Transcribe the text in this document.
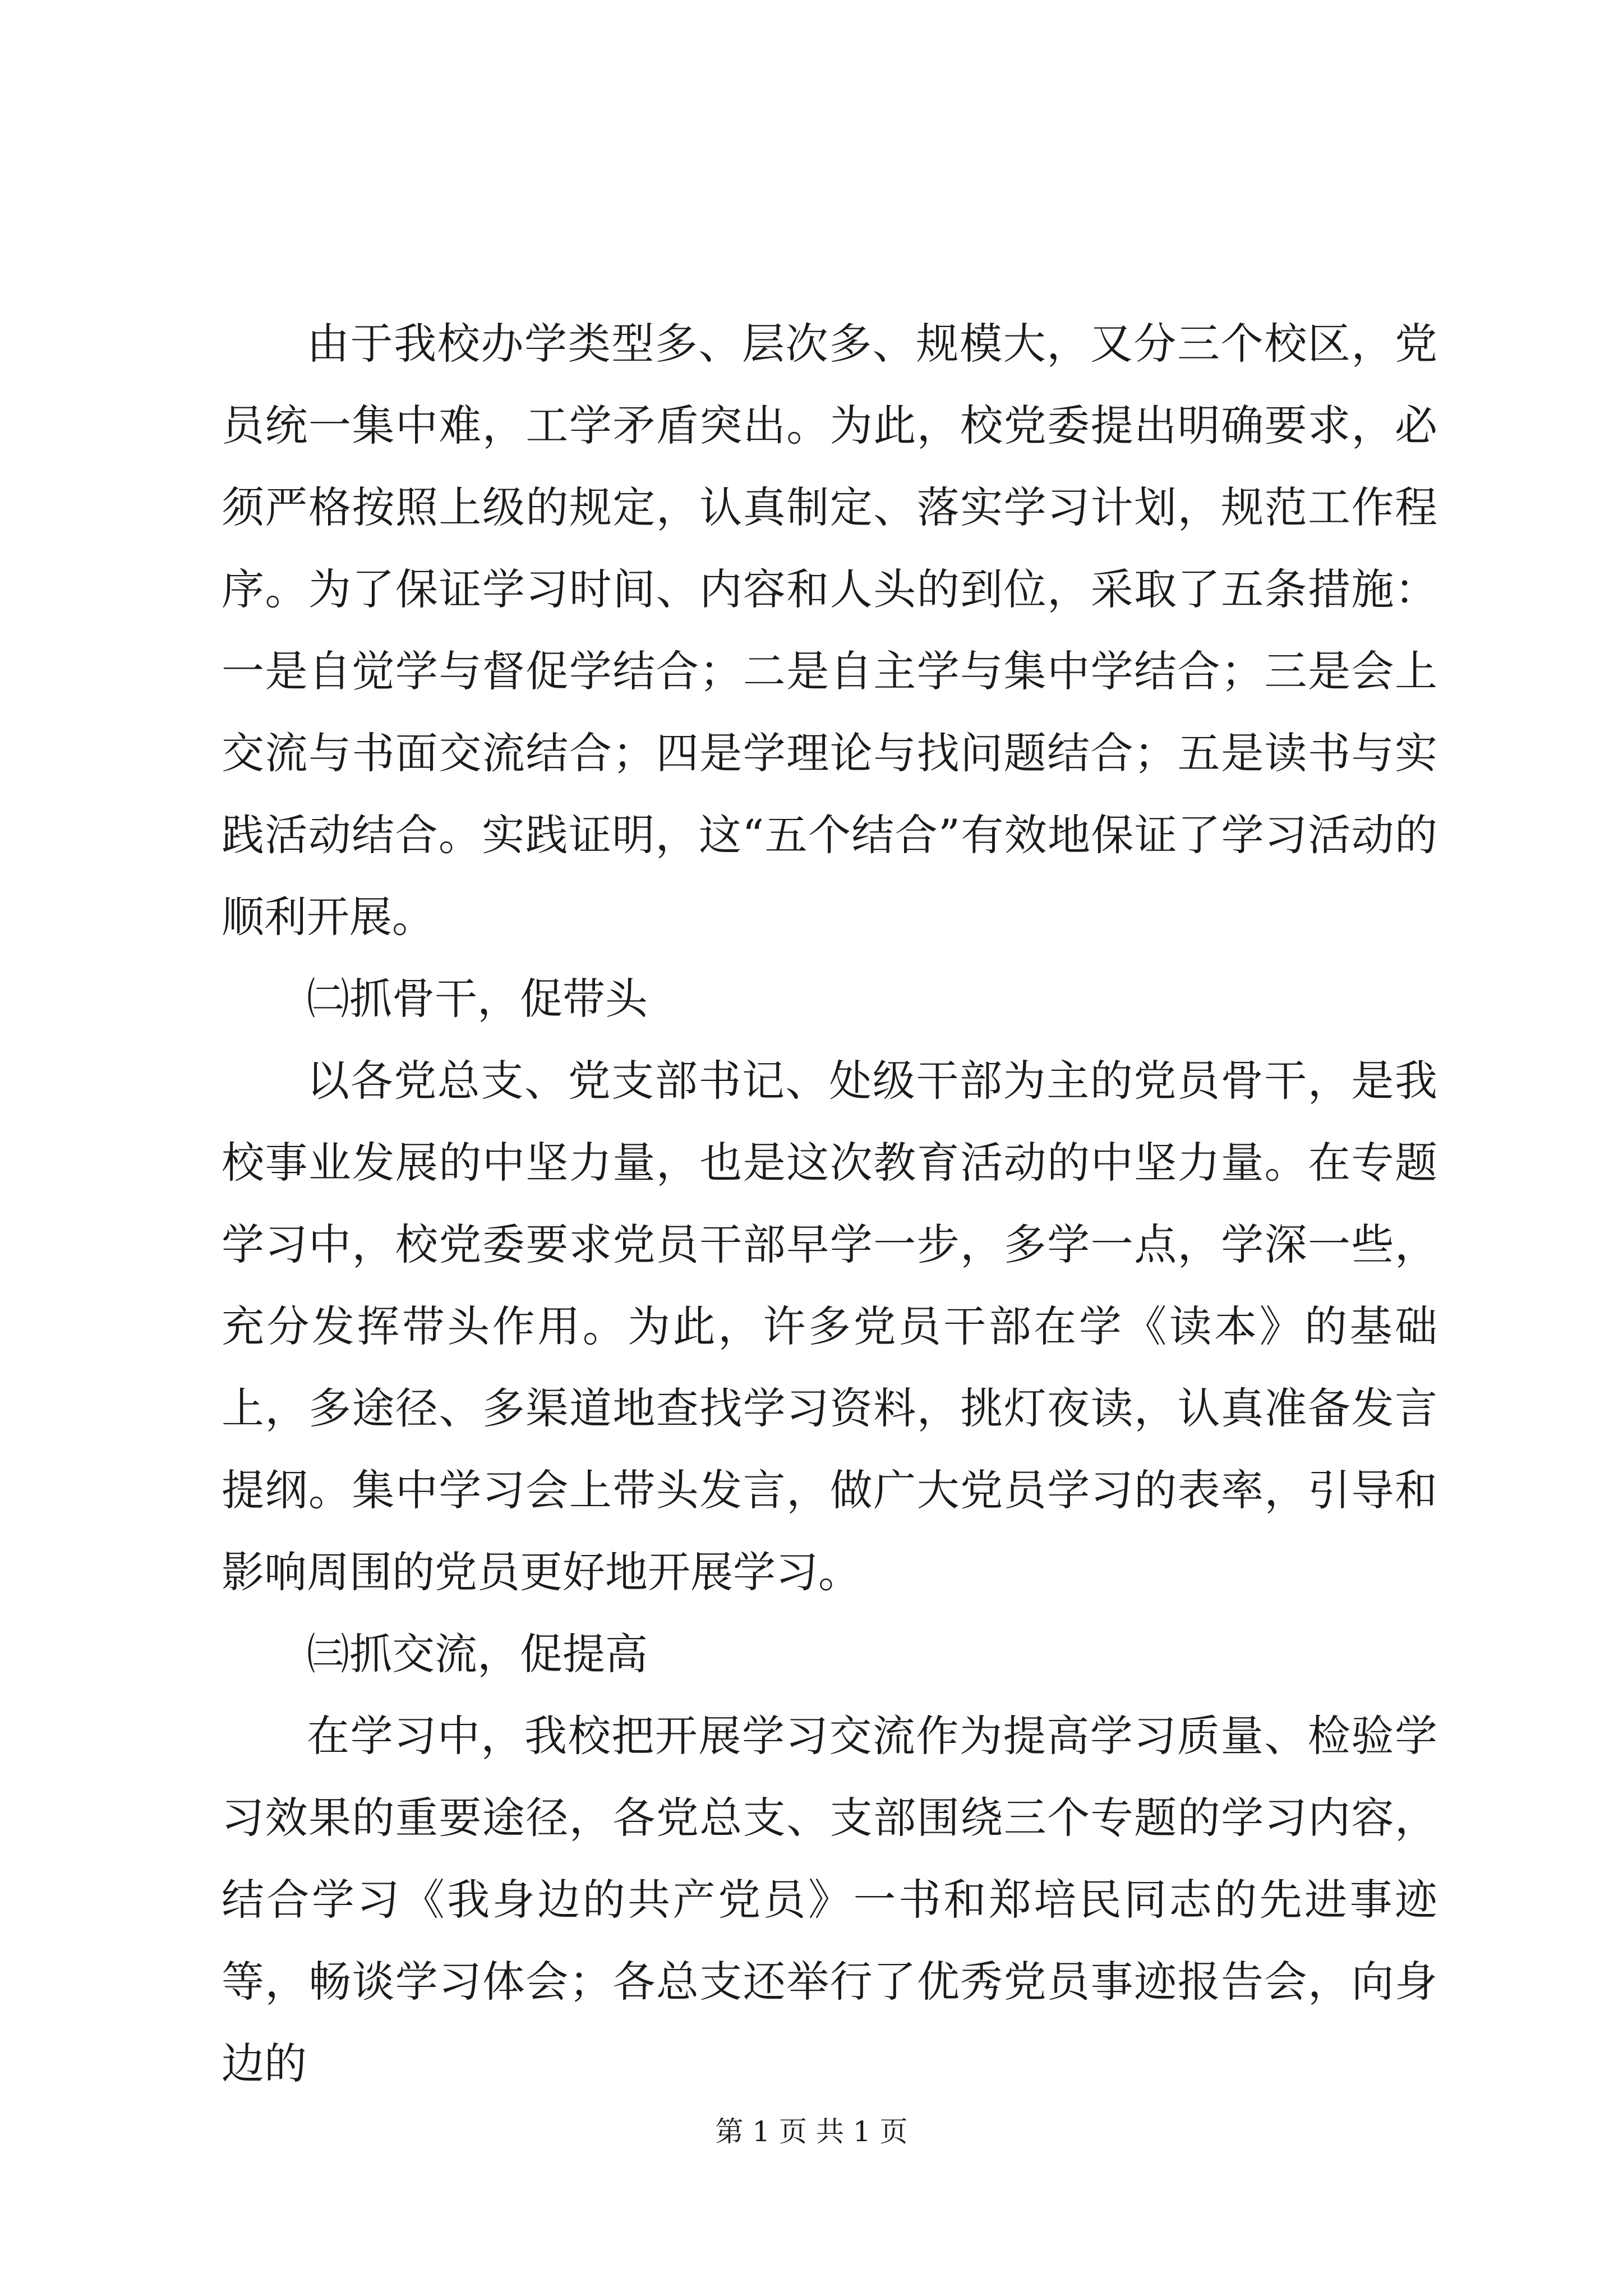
由于我校办学类型多、层次多、规模大，又分三个校区，党员统一集中难，工学矛盾突出。为此，校党委提出明确要求，必须严格按照上级的规定，认真制定、落实学习计划，规范工作程序。为了保证学习时间、内容和人头的到位，采取了五条措施：一是自觉学与督促学结合；二是自主学与集中学结合；三是会上交流与书面交流结合；四是学理论与找问题结合；五是读书与实践活动结合。实践证明，这“五个结合”有效地保证了学习活动的顺利开展。

㈡抓骨干，促带头

以各党总支、党支部书记、处级干部为主的党员骨干，是我校事业发展的中坚力量，也是这次教育活动的中坚力量。在专题学习中，校党委要求党员干部早学一步，多学一点，学深一些，充分发挥带头作用。为此，许多党员干部在学《读本》的基础上，多途径、多渠道地查找学习资料，挑灯夜读，认真准备发言提纲。集中学习会上带头发言，做广大党员学习的表率，引导和影响周围的党员更好地开展学习。

㈢抓交流，促提高

在学习中，我校把开展学习交流作为提高学习质量、检验学习效果的重要途径，各党总支、支部围绕三个专题的学习内容，结合学习《我身边的共产党员》一书和郑培民同志的先进事迹等，畅谈学习体会；各总支还举行了优秀党员事迹报告会，向身边的

第 1 页 共 1 页
